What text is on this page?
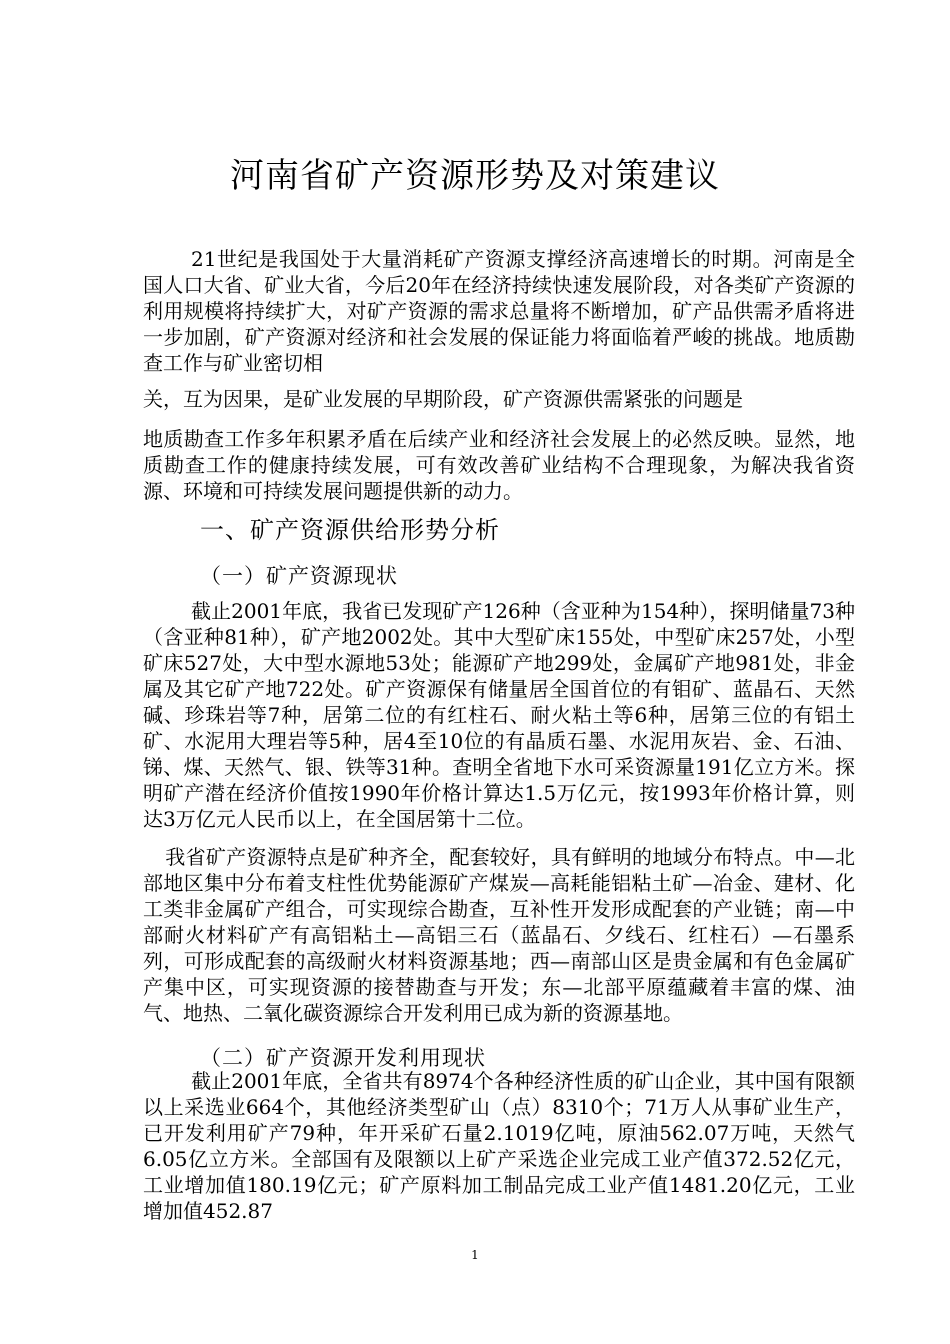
河南省矿产资源形势及对策建议

21世纪是我国处于大量消耗矿产资源支撑经济高速增长的时期。河南是全国人口大省、矿业大省，今后20年在经济持续快速发展阶段，对各类矿产资源的利用规模将持续扩大，对矿产资源的需求总量将不断增加，矿产品供需矛盾将进一步加剧，矿产资源对经济和社会发展的保证能力将面临着严峻的挑战。地质勘查工作与矿业密切相

关，互为因果，是矿业发展的早期阶段，矿产资源供需紧张的问题是

地质勘查工作多年积累矛盾在后续产业和经济社会发展上的必然反映。显然，地质勘查工作的健康持续发展，可有效改善矿业结构不合理现象，为解决我省资源、环境和可持续发展问题提供新的动力。

一、矿产资源供给形势分析
（一）矿产资源现状

截止2001年底，我省已发现矿产126种（含亚种为154种），探明储量73种（含亚种81种），矿产地2002处。其中大型矿床155处，中型矿床257处，小型矿床527处，大中型水源地53处；能源矿产地299处，金属矿产地981处，非金属及其它矿产地722处。矿产资源保有储量居全国首位的有钼矿、蓝晶石、天然碱、珍珠岩等7种，居第二位的有红柱石、耐火粘土等6种，居第三位的有铝土矿、水泥用大理岩等5种，居4至10位的有晶质石墨、水泥用灰岩、金、石油、锑、煤、天然气、银、铁等31种。查明全省地下水可采资源量191亿立方米。探明矿产潜在经济价值按1990年价格计算达1.5万亿元，按1993年价格计算，则达3万亿元人民币以上，在全国居第十二位。

我省矿产资源特点是矿种齐全，配套较好，具有鲜明的地域分布特点。中—北部地区集中分布着支柱性优势能源矿产煤炭—高耗能铝粘土矿—冶金、建材、化工类非金属矿产组合，可实现综合勘查，互补性开发形成配套的产业链；南—中部耐火材料矿产有高铝粘土—高铝三石（蓝晶石、夕线石、红柱石）—石墨系列，可形成配套的高级耐火材料资源基地；西—南部山区是贵金属和有色金属矿产集中区，可实现资源的接替勘查与开发；东—北部平原蕴藏着丰富的煤、油气、地热、二氧化碳资源综合开发利用已成为新的资源基地。

（二）矿产资源开发利用现状

截止2001年底，全省共有8974个各种经济性质的矿山企业，其中国有限额以上采选业664个，其他经济类型矿山（点）8310个；71万人从事矿业生产，已开发利用矿产79种，年开采矿石量2.1019亿吨，原油562.07万吨，天然气6.05亿立方米。全部国有及限额以上矿产采选企业完成工业产值372.52亿元，工业增加值180.19亿元；矿产原料加工制品完成工业产值1481.20亿元，工业增加值452.87

1
